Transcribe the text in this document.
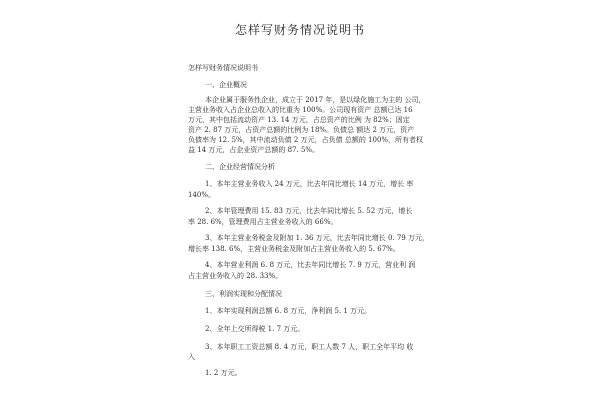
怎样写财务情况说明书
怎样写财务情况说明书
一、企业概况
本企业属于服务性企业，成立于 2017 年，是以绿化施工为主的 公司，
主营业务收入占企业总收入的比重为 100%。公司现有资产 总额已达 16
万元，其中包括流动资产 13. 14 万元，占总资产的比例 为 82%；固定
资产 2. 87 万元，占资产总额的比例为 18%。负债总 额达 2 万元，资产
负债率为 12. 5%，其中流动负债 2 万元，占负债 总额的 100%，所有者权
益 14 万元，占企业资产总额的 87. 5%。
二、企业经营情况分析
1、本年主营业务收入 24 万元，比去年同比增长 14 万元，增长 率
140%。
2、本年管理费用 15. 83 万元，比去年同比增长 5. 52 万元，增长
率 28. 6%，管理费用占主营业务收入的 66%。
3、本年主营业务税金及附加 1. 36 万元，比去年同比增长 0. 79 万元，
增长率 138. 6%，主营业务税金及附加占主营业务收入的 5. 67%。
4、本年营业利润 6. 8 万元，比去年同比增长 7. 9 万元，营业利 润
占主营业务收入的 28. 33%。
三、利润实现和分配情况
1、本年实现利润总额 6. 8 万元，净利润 5. 1 万元。
2、全年上交所得税 1. 7 万元。
3、本年职工工资总额 8. 4 万元，职工人数 7 人，职工全年平均 收
入
1. 2 万元。
